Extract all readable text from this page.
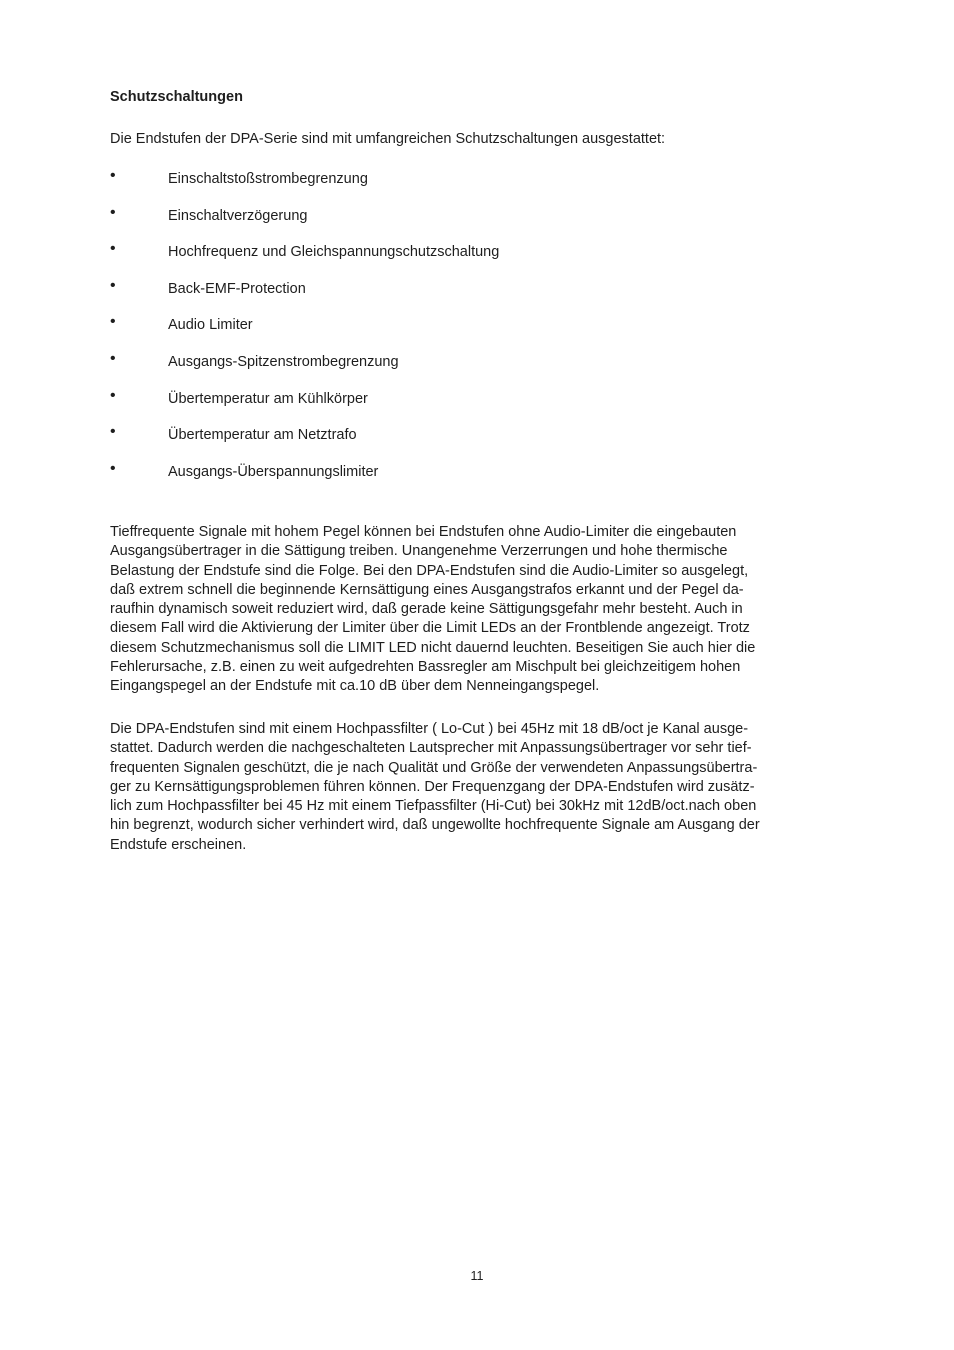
Schutzschaltungen

Die Endstufen der DPA-Serie sind mit umfangreichen Schutzschaltungen ausgestattet:

•	Einschaltstoßstrombegrenzung
•	Einschaltverzögerung
•	Hochfrequenz und Gleichspannungschutzschaltung
•	Back-EMF-Protection
•	Audio Limiter
•	Ausgangs-Spitzenstrombegrenzung
•	Übertemperatur am Kühlkörper
•	Übertemperatur am Netztrafo
•	Ausgangs-Überspannungslimiter

Tieffrequente Signale mit hohem Pegel können bei Endstufen ohne Audio-Limiter die eingebauten
Ausgangsübertrager in die Sättigung treiben. Unangenehme Verzerrungen und hohe thermische
Belastung der Endstufe sind die Folge. Bei den DPA-Endstufen sind die Audio-Limiter so ausgelegt,
daß extrem schnell die beginnende Kernsättigung eines Ausgangstrafos erkannt und der Pegel da-
raufhin dynamisch soweit reduziert wird, daß gerade keine Sättigungsgefahr mehr besteht. Auch in
diesem Fall wird die Aktivierung der Limiter über die Limit LEDs an der Frontblende angezeigt. Trotz
diesem Schutzmechanismus soll die LIMIT LED nicht dauernd leuchten. Beseitigen Sie auch hier die
Fehlerursache, z.B. einen zu weit aufgedrehten Bassregler am Mischpult bei gleichzeitigem hohen
Eingangspegel an der Endstufe mit ca.10 dB über dem Nenneingangspegel.

Die DPA-Endstufen sind mit einem Hochpassfilter ( Lo-Cut ) bei 45Hz mit 18 dB/oct je Kanal ausge-
stattet. Dadurch werden die nachgeschalteten Lautsprecher mit Anpassungsübertrager vor sehr tief-
frequenten Signalen geschützt, die je nach Qualität und Größe der verwendeten Anpassungsübertra-
ger zu Kernsättigungsproblemen führen können. Der Frequenzgang der DPA-Endstufen wird zusätz-
lich zum Hochpassfilter bei 45 Hz mit einem Tiefpassfilter (Hi-Cut) bei 30kHz mit 12dB/oct.nach oben
hin begrenzt, wodurch sicher verhindert wird, daß ungewollte hochfrequente Signale am Ausgang der
Endstufe erscheinen.

11
